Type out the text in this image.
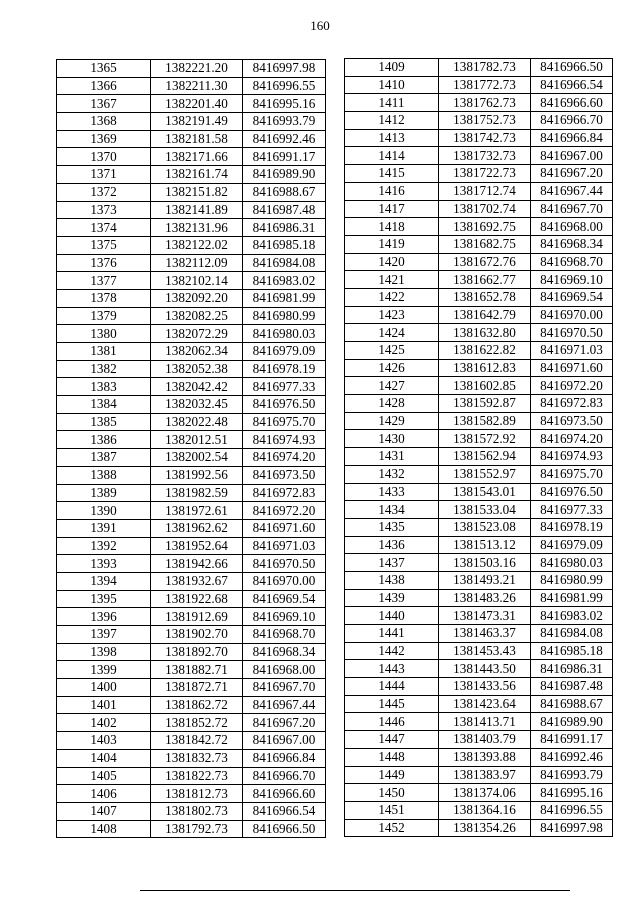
160
1365	1382221.20	8416997.98
1366	1382211.30	8416996.55
1367	1382201.40	8416995.16
1368	1382191.49	8416993.79
1369	1382181.58	8416992.46
1370	1382171.66	8416991.17
1371	1382161.74	8416989.90
1372	1382151.82	8416988.67
1373	1382141.89	8416987.48
1374	1382131.96	8416986.31
1375	1382122.02	8416985.18
1376	1382112.09	8416984.08
1377	1382102.14	8416983.02
1378	1382092.20	8416981.99
1379	1382082.25	8416980.99
1380	1382072.29	8416980.03
1381	1382062.34	8416979.09
1382	1382052.38	8416978.19
1383	1382042.42	8416977.33
1384	1382032.45	8416976.50
1385	1382022.48	8416975.70
1386	1382012.51	8416974.93
1387	1382002.54	8416974.20
1388	1381992.56	8416973.50
1389	1381982.59	8416972.83
1390	1381972.61	8416972.20
1391	1381962.62	8416971.60
1392	1381952.64	8416971.03
1393	1381942.66	8416970.50
1394	1381932.67	8416970.00
1395	1381922.68	8416969.54
1396	1381912.69	8416969.10
1397	1381902.70	8416968.70
1398	1381892.70	8416968.34
1399	1381882.71	8416968.00
1400	1381872.71	8416967.70
1401	1381862.72	8416967.44
1402	1381852.72	8416967.20
1403	1381842.72	8416967.00
1404	1381832.73	8416966.84
1405	1381822.73	8416966.70
1406	1381812.73	8416966.60
1407	1381802.73	8416966.54
1408	1381792.73	8416966.50
1409	1381782.73	8416966.50
1410	1381772.73	8416966.54
1411	1381762.73	8416966.60
1412	1381752.73	8416966.70
1413	1381742.73	8416966.84
1414	1381732.73	8416967.00
1415	1381722.73	8416967.20
1416	1381712.74	8416967.44
1417	1381702.74	8416967.70
1418	1381692.75	8416968.00
1419	1381682.75	8416968.34
1420	1381672.76	8416968.70
1421	1381662.77	8416969.10
1422	1381652.78	8416969.54
1423	1381642.79	8416970.00
1424	1381632.80	8416970.50
1425	1381622.82	8416971.03
1426	1381612.83	8416971.60
1427	1381602.85	8416972.20
1428	1381592.87	8416972.83
1429	1381582.89	8416973.50
1430	1381572.92	8416974.20
1431	1381562.94	8416974.93
1432	1381552.97	8416975.70
1433	1381543.01	8416976.50
1434	1381533.04	8416977.33
1435	1381523.08	8416978.19
1436	1381513.12	8416979.09
1437	1381503.16	8416980.03
1438	1381493.21	8416980.99
1439	1381483.26	8416981.99
1440	1381473.31	8416983.02
1441	1381463.37	8416984.08
1442	1381453.43	8416985.18
1443	1381443.50	8416986.31
1444	1381433.56	8416987.48
1445	1381423.64	8416988.67
1446	1381413.71	8416989.90
1447	1381403.79	8416991.17
1448	1381393.88	8416992.46
1449	1381383.97	8416993.79
1450	1381374.06	8416995.16
1451	1381364.16	8416996.55
1452	1381354.26	8416997.98
